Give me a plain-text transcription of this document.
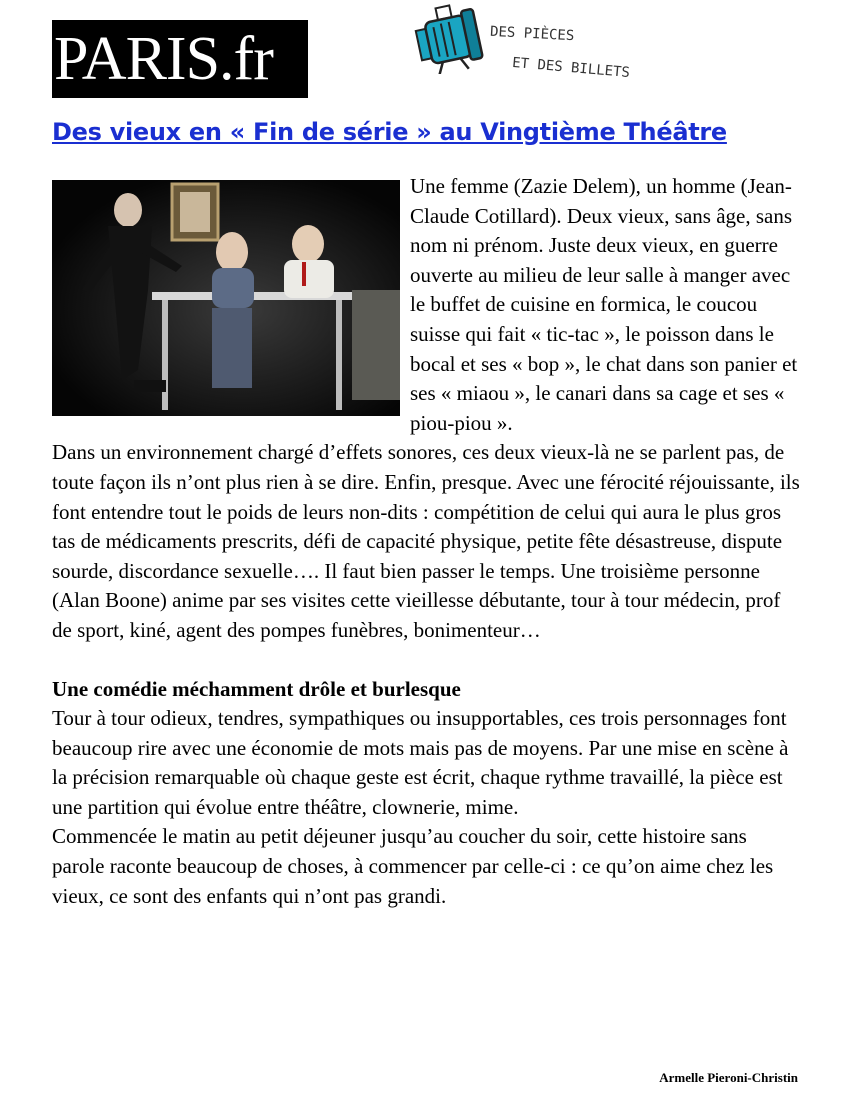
PARIS.fr	DES PIÈCES
ET DES BILLETS
Des vieux en « Fin de série » au Vingtième Théâtre

Une femme (Zazie Delem), un homme (Jean-Claude Cotillard). Deux vieux, sans âge, sans nom ni prénom. Juste deux vieux, en guerre ouverte au milieu de leur salle à manger avec le buffet de cuisine en formica, le coucou suisse qui fait « tic-tac », le poisson dans le bocal et ses « bop », le chat dans son panier et ses « miaou », le canari dans sa cage et ses « piou-piou ».

Dans un environnement chargé d’effets sonores, ces deux vieux-là ne se parlent pas, de toute façon ils n’ont plus rien à se dire. Enfin, presque. Avec une férocité réjouissante, ils font entendre tout le poids de leurs non-dits : compétition de celui qui aura le plus gros tas de médicaments prescrits, défi de capacité physique, petite fête désastreuse, dispute sourde, discordance sexuelle…. Il faut bien passer le temps. Une troisième personne (Alan Boone) anime par ses visites cette vieillesse débutante, tour à tour médecin, prof de sport, kiné, agent des pompes funèbres, bonimenteur…

Une comédie méchamment drôle et burlesque

Tour à tour odieux, tendres, sympathiques ou insupportables, ces trois personnages font beaucoup rire avec une économie de mots mais pas de moyens. Par une mise en scène à la précision remarquable où chaque geste est écrit, chaque rythme travaillé, la pièce est une partition qui évolue entre théâtre, clownerie, mime.

Commencée le matin au petit déjeuner jusqu’au coucher du soir, cette histoire sans parole raconte beaucoup de choses, à commencer par celle-ci : ce qu’on aime chez les vieux, ce sont des enfants qui n’ont pas grandi.

Armelle Pieroni-Christin
